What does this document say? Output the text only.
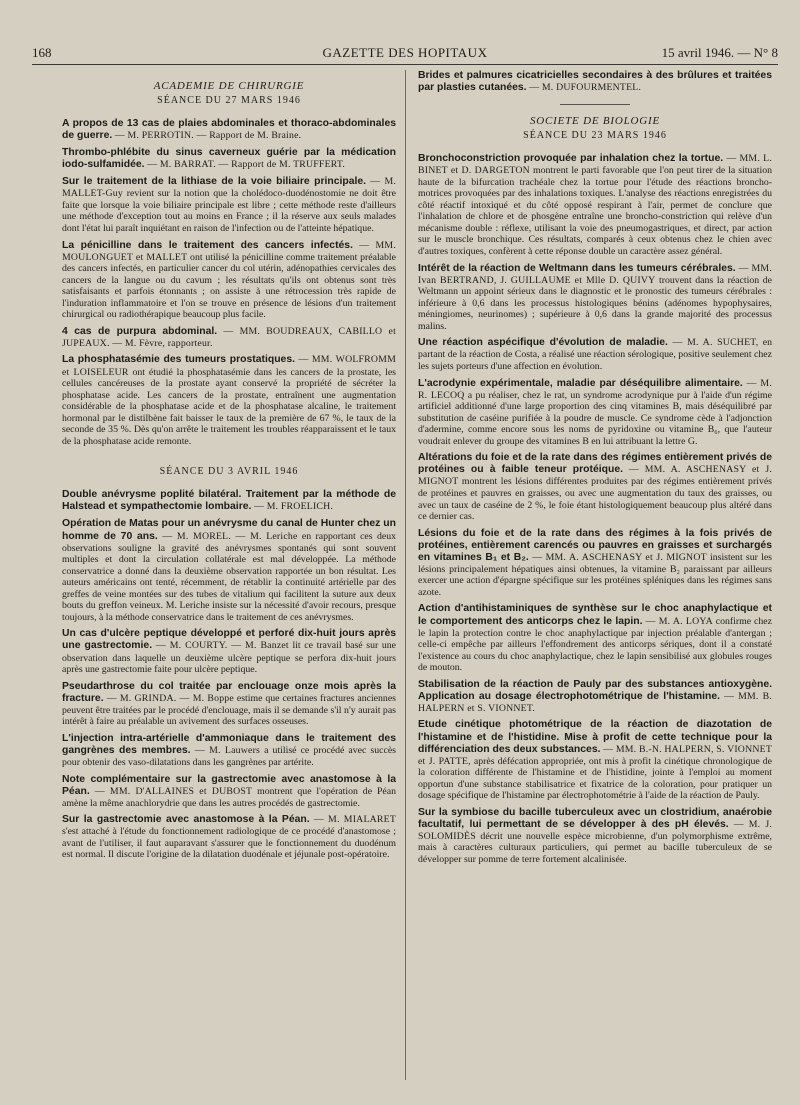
168	GAZETTE DES HOPITAUX	15 avril 1946. — N° 8
ACADEMIE DE CHIRURGIE
SÉANCE DU 27 MARS 1946

A propos de 13 cas de plaies abdominales et thoraco-abdominales de guerre. — M. PERROTIN. — Rapport de M. Braine.

Thrombo-phlébite du sinus caverneux guérie par la médication iodo-sulfamidée. — M. BARRAT. — Rapport de M. TRUFFERT.

Sur le traitement de la lithiase de la voie biliaire principale. — M. MALLET-Guy revient sur la notion que la cholédoco-duodénostomie ne doit être faite que lorsque la voie biliaire principale est libre ; cette méthode reste d'ailleurs une méthode d'exception tout au moins en France ; il la réserve aux seuls malades dont l'état lui paraît inquiétant en raison de l'infection ou de l'atteinte hépatique.

La pénicilline dans le traitement des cancers infectés. — MM. MOULONGUET et MALLET ont utilisé la pénicilline comme traitement préalable des cancers infectés, en particulier cancer du col utérin, adénopathies cervicales des cancers de la langue ou du cavum ; les résultats qu'ils ont obtenus sont très satisfaisants et parfois étonnants ; on assiste à une rétrocession très rapide de l'induration inflammatoire et l'on se trouve en présence de lésions d'un traitement chirurgical ou radiothérapique beaucoup plus facile.

4 cas de purpura abdominal. — MM. BOUDREAUX, CABILLO et JUPEAUX. — M. Fèvre, rapporteur.

La phosphatasémie des tumeurs prostatiques. — MM. WOLFROMM et LOISELEUR ont étudié la phosphatasémie dans les cancers de la prostate, les cellules cancéreuses de la prostate ayant conservé la propriété de sécréter la phosphatase acide. Les cancers de la prostate, entraînent une augmentation considérable de la phosphatase acide et de la phosphatase alcaline, le traitement hormonal par le distilbène fait baisser le taux de la première de 67 %, le taux de la seconde de 35 %. Dès qu'on arrête le traitement les troubles réapparaissent et le taux de la phosphatase acide remonte.

SÉANCE DU 3 AVRIL 1946

Double anévrysme poplité bilatéral. Traitement par la méthode de Halstead et sympathectomie lombaire. — M. FROELICH.

Opération de Matas pour un anévrysme du canal de Hunter chez un homme de 70 ans. — M. MOREL. — M. Leriche en rapportant ces deux observations souligne la gravité des anévrysmes spontanés qui sont souvent multiples et dont la circulation collatérale est mal développée. La méthode conservatrice a donné dans la deuxième observation rapportée un bon résultat. Les auteurs américains ont tenté, récemment, de rétablir la continuité artérielle par des greffes de veine montées sur des tubes de vitalium qui facilitent la suture aux deux bouts du greffon veineux. M. Leriche insiste sur la nécessité d'avoir recours, presque toujours, à la méthode conservatrice dans le traitement de ces anévrysmes.

Un cas d'ulcère peptique développé et perforé dix-huit jours après une gastrectomie. — M. COURTY. — M. Banzet lit ce travail basé sur une observation dans laquelle un deuxième ulcère peptique se perfora dix-huit jours après une gastrectomie faite pour ulcère peptique.

Pseudarthrose du col traitée par enclouage onze mois après la fracture. — M. GRINDA. — M. Boppe estime que certaines fractures anciennes peuvent être traitées par le procédé d'enclouage, mais il se demande s'il n'y aurait pas intérêt à faire au préalable un avivement des surfaces osseuses.

L'injection intra-artérielle d'ammoniaque dans le traitement des gangrènes des membres. — M. Lauwers a utilisé ce procédé avec succès pour obtenir des vaso-dilatations dans les gangrènes par artérite.

Note complémentaire sur la gastrectomie avec anastomose à la Péan. — MM. D'ALLAINES et DUBOST montrent que l'opération de Péan amène la même anachlorydrie que dans les autres procédés de gastrectomie.

Sur la gastrectomie avec anastomose à la Péan. — M. MIALARET s'est attaché à l'étude du fonctionnement radiologique de ce procédé d'anastomose ; avant de l'utiliser, il faut auparavant s'assurer que le fonctionnement du duodénum est normal. Il discute l'origine de la dilatation duodénale et jéjunale post-opératoire.

Brides et palmures cicatricielles secondaires à des brûlures et traitées par plasties cutanées. — M. DUFOURMENTEL.

SOCIETE DE BIOLOGIE
SÉANCE DU 23 MARS 1946

Bronchoconstriction provoquée par inhalation chez la tortue. — MM. L. BINET et D. DARGETON montrent le parti favorable que l'on peut tirer de la situation haute de la bifurcation trachéale chez la tortue pour l'étude des réactions broncho-motrices provoquées par des inhalations toxiques. L'analyse des réactions enregistrées du côté réactif intoxiqué et du côté opposé respirant à l'air, permet de conclure que l'inhalation de chlore et de phosgène entraîne une broncho-constriction qui relève d'un mécanisme double : réflexe, utilisant la voie des pneumogastriques, et direct, par action sur le muscle bronchique. Ces résultats, comparés à ceux obtenus chez le chien avec d'autres toxiques, confèrent à cette réponse double un caractère assez général.

Intérêt de la réaction de Weltmann dans les tumeurs cérébrales. — MM. Ivan BERTRAND, J. GUILLAUME et Mlle D. QUIVY trouvent dans la réaction de Weltmann un appoint sérieux dans le diagnostic et le pronostic des tumeurs cérébrales : inférieure à 0,6 dans les processus histologiques bénins (adénomes hypophysaires, méningiomes, neurinomes) ; supérieure à 0,6 dans la grande majorité des processus malins.

Une réaction aspécifique d'évolution de maladie. — M. A. SUCHET, en partant de la réaction de Costa, a réalisé une réaction sérologique, positive seulement chez les sujets porteurs d'une affection en évolution.

L'acrodynie expérimentale, maladie par déséquilibre alimentaire. — M. R. LECOQ a pu réaliser, chez le rat, un syndrome acrodynique pur à l'aide d'un régime artificiel additionné d'une large proportion des cinq vitamines B, mais déséquilibré par substitution de caséine purifiée à la poudre de muscle. Ce syndrome cède à l'adjonction d'adermine, comme encore sous les noms de pyridoxine ou vitamine B₆, que l'auteur voudrait enlever du groupe des vitamines B en lui attribuant la lettre G.

Altérations du foie et de la rate dans des régimes entièrement privés de protéines ou à faible teneur protéique. — MM. A. ASCHENASY et J. MIGNOT montrent les lésions différentes produites par des régimes entièrement privés de protéines et pauvres en graisses, ou avec une augmentation du taux des graisses, ou avec un taux de caséine de 2 %, le foie étant histologiquement beaucoup plus altéré dans ce dernier cas.

Lésions du foie et de la rate dans des régimes à la fois privés de protéines, entièrement carencés ou pauvres en graisses et surchargés en vitamines B₁ et B₂. — MM. A. ASCHENASY et J. MIGNOT insistent sur les lésions principalement hépatiques ainsi obtenues, la vitamine B₂ paraissant par ailleurs exercer une action d'épargne spécifique sur les protéines spléniques dans les régimes sans azote.

Action d'antihistaminiques de synthèse sur le choc anaphylactique et le comportement des anticorps chez le lapin. — M. A. LOYA confirme chez le lapin la protection contre le choc anaphylactique par injection préalable d'antergan ; celle-ci empêche par ailleurs l'effondrement des anticorps sériques, dont il a constaté l'existence au cours du choc anaphylactique, chez le lapin sensibilisé aux globules rouges de mouton.

Stabilisation de la réaction de Pauly par des substances antioxygène. Application au dosage électrophotométrique de l'histamine. — MM. B. HALPERN et S. VIONNET.

Etude cinétique photométrique de la réaction de diazotation de l'histamine et de l'histidine. Mise à profit de cette technique pour la différenciation des deux substances. — MM. B.-N. HALPERN, S. VIONNET et J. PATTE, après défécation appropriée, ont mis à profit la cinétique chronologique de la coloration différente de l'histamine et de l'histidine, jointe à l'emploi au moment opportun d'une substance stabilisatrice et fixatrice de la coloration, pour pratiquer un dosage spécifique de l'histamine par électrophotométrie à l'aide de la réaction de Pauly.

Sur la symbiose du bacille tuberculeux avec un clostridium, anaérobie facultatif, lui permettant de se développer à des pH élevés. — M. J. SOLOMIDÈS décrit une nouvelle espèce microbienne, d'un polymorphisme extrême, mais à caractères culturaux particuliers, qui permet au bacille tuberculeux de se développer sur pomme de terre fortement alcalinisée.
